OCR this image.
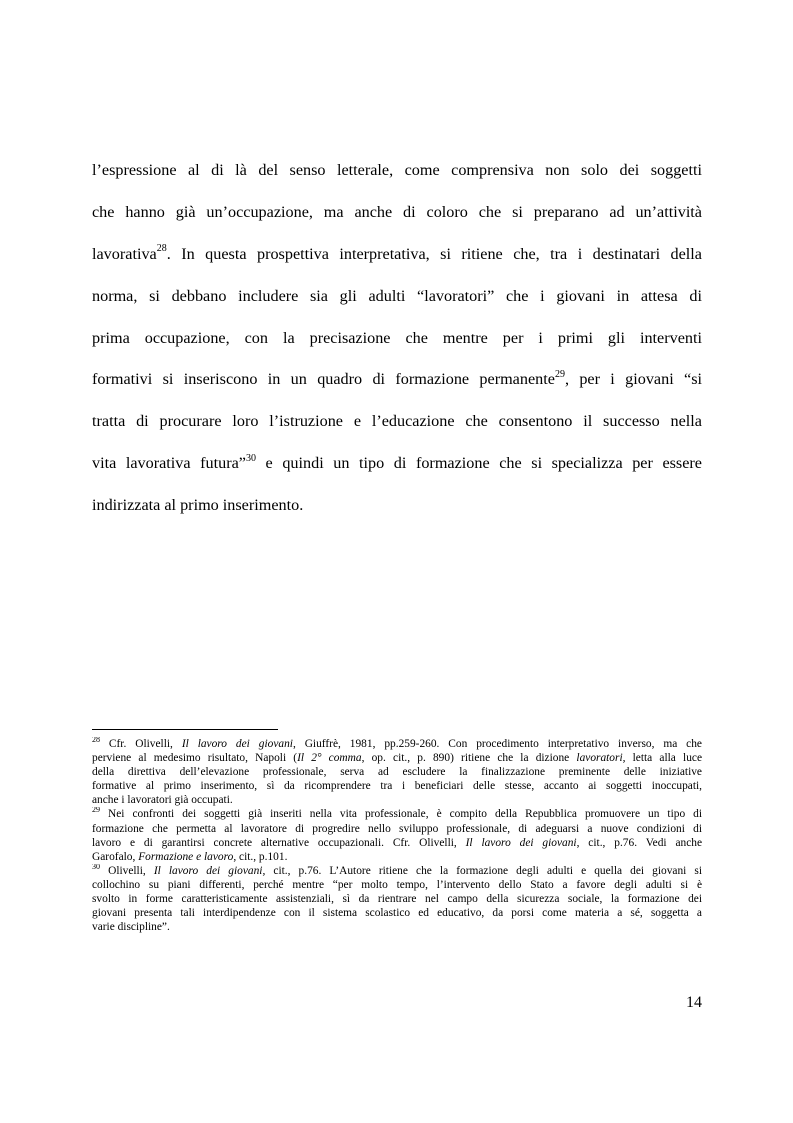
l’espressione al di là del senso letterale, come comprensiva non solo dei soggetti
che hanno già un’occupazione, ma anche di coloro che si preparano ad un’attività
lavorativa$^{28}$. In questa prospettiva interpretativa, si ritiene che, tra i destinatari della
norma, si debbano includere sia gli adulti “lavoratori” che i giovani in attesa di
prima occupazione, con la precisazione che mentre per i primi gli interventi
formativi si inseriscono in un quadro di formazione permanente$^{29}$, per i giovani “si
tratta di procurare loro l’istruzione e l’educazione che consentono il successo nella
vita lavorativa futura”$^{30}$ e quindi un tipo di formazione che si specializza per essere
indirizzata al primo inserimento.
$^{28}$ Cfr. Olivelli, Il lavoro dei giovani, Giuffrè, 1981, pp.259-260. Con procedimento interpretativo inverso, ma che
perviene al medesimo risultato, Napoli (Il 2° comma, op. cit., p. 890) ritiene che la dizione lavoratori, letta alla luce
della direttiva dell’elevazione professionale, serva ad escludere la finalizzazione preminente delle iniziative
formative al primo inserimento, sì da ricomprendere tra i beneficiari delle stesse, accanto ai soggetti inoccupati,
anche i lavoratori già occupati.
$^{29}$ Nei confronti dei soggetti già inseriti nella vita professionale, è compito della Repubblica promuovere un tipo di
formazione che permetta al lavoratore di progredire nello sviluppo professionale, di adeguarsi a nuove condizioni di
lavoro e di garantirsi concrete alternative occupazionali. Cfr. Olivelli, Il lavoro dei giovani, cit., p.76. Vedi anche
Garofalo, Formazione e lavoro, cit., p.101.
$^{30}$ Olivelli, Il lavoro dei giovani, cit., p.76. L’Autore ritiene che la formazione degli adulti e quella dei giovani si
collochino su piani differenti, perché mentre “per molto tempo, l’intervento dello Stato a favore degli adulti si è
svolto in forme caratteristicamente assistenziali, sì da rientrare nel campo della sicurezza sociale, la formazione dei
giovani presenta tali interdipendenze con il sistema scolastico ed educativo, da porsi come materia a sé, soggetta a
varie discipline”.
14
